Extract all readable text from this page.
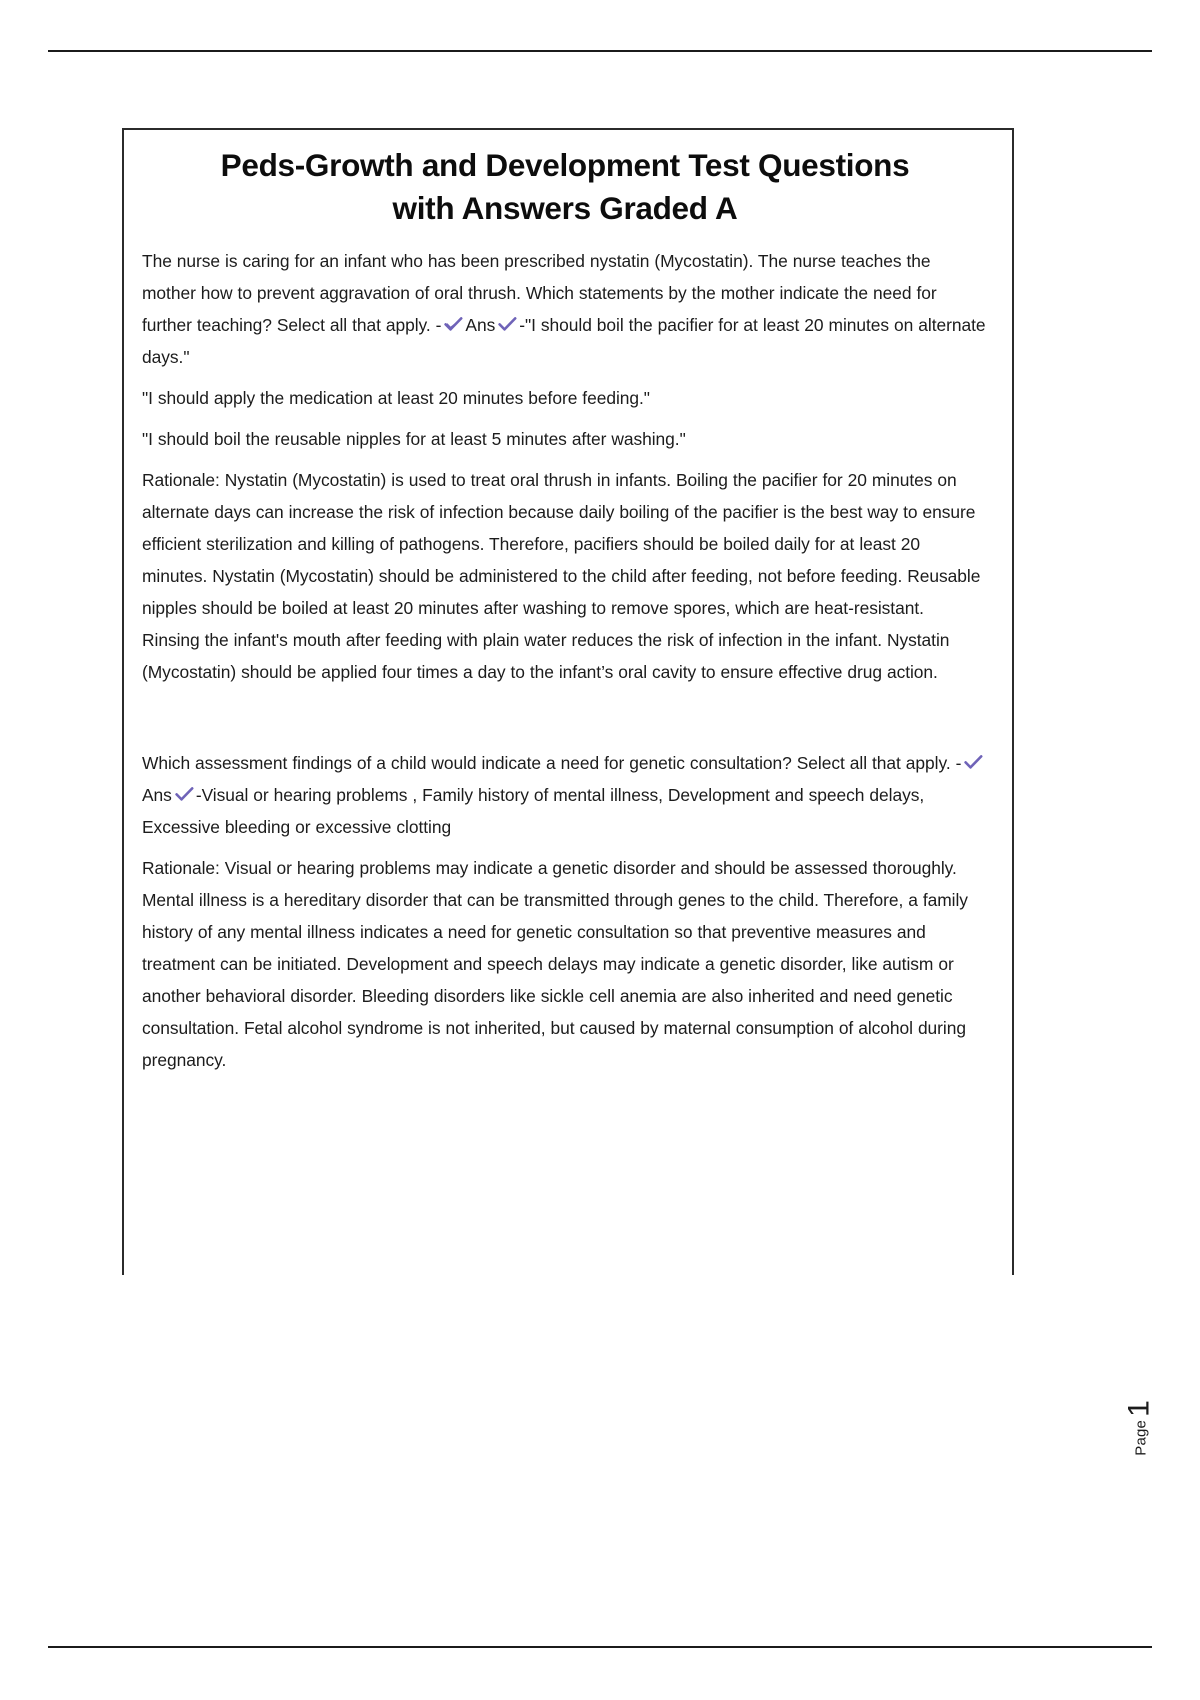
Peds-Growth and Development Test Questions
with Answers Graded A

The nurse is caring for an infant who has been prescribed nystatin (Mycostatin). The nurse teaches the mother how to prevent aggravation of oral thrush. Which statements by the mother indicate the need for further teaching? Select all that apply. - Ans -"I should boil the pacifier for at least 20 minutes on alternate days."

"I should apply the medication at least 20 minutes before feeding."

"I should boil the reusable nipples for at least 5 minutes after washing."

Rationale: Nystatin (Mycostatin) is used to treat oral thrush in infants. Boiling the pacifier for 20 minutes on alternate days can increase the risk of infection because daily boiling of the pacifier is the best way to ensure efficient sterilization and killing of pathogens. Therefore, pacifiers should be boiled daily for at least 20 minutes. Nystatin (Mycostatin) should be administered to the child after feeding, not before feeding. Reusable nipples should be boiled at least 20 minutes after washing to remove spores, which are heat-resistant. Rinsing the infant's mouth after feeding with plain water reduces the risk of infection in the infant. Nystatin (Mycostatin) should be applied four times a day to the infant’s oral cavity to ensure effective drug action.

Which assessment findings of a child would indicate a need for genetic consultation? Select all that apply. -
Ans -Visual or hearing problems , Family history of mental illness, Development and speech delays, Excessive bleeding or excessive clotting

Rationale: Visual or hearing problems may indicate a genetic disorder and should be assessed thoroughly. Mental illness is a hereditary disorder that can be transmitted through genes to the child. Therefore, a family history of any mental illness indicates a need for genetic consultation so that preventive measures and treatment can be initiated. Development and speech delays may indicate a genetic disorder, like autism or another behavioral disorder. Bleeding disorders like sickle cell anemia are also inherited and need genetic consultation. Fetal alcohol syndrome is not inherited, but caused by maternal consumption of alcohol during pregnancy.

Page1
